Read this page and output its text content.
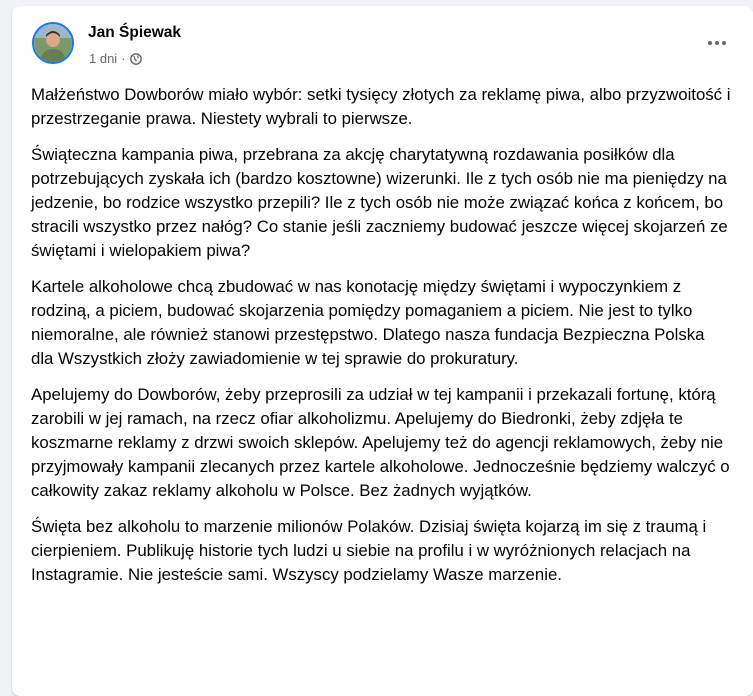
Jan Śpiewak
1 dni ·

Małżeństwo Dowborów miało wybór: setki tysięcy złotych za reklamę piwa, albo przyzwoitość i przestrzeganie prawa. Niestety wybrali to pierwsze.

Świąteczna kampania piwa, przebrana za akcję charytatywną rozdawania posiłków dla potrzebujących zyskała ich (bardzo kosztowne) wizerunki. Ile z tych osób nie ma pieniędzy na jedzenie, bo rodzice wszystko przepili? Ile z tych osób nie może związać końca z końcem, bo stracili wszystko przez nałóg? Co stanie jeśli zaczniemy budować jeszcze więcej skojarzeń ze świętami i wielopakiem piwa?

Kartele alkoholowe chcą zbudować w nas konotację między świętami i wypoczynkiem z rodziną, a piciem, budować skojarzenia pomiędzy pomaganiem a piciem. Nie jest to tylko niemoralne, ale również stanowi przestępstwo. Dlatego nasza fundacja Bezpieczna Polska dla Wszystkich złoży zawiadomienie w tej sprawie do prokuratury.

Apelujemy do Dowborów, żeby przeprosili za udział w tej kampanii i przekazali fortunę, którą zarobili w jej ramach, na rzecz ofiar alkoholizmu. Apelujemy do Biedronki, żeby zdjęła te koszmarne reklamy z drzwi swoich sklepów. Apelujemy też do agencji reklamowych, żeby nie przyjmowały kampanii zlecanych przez kartele alkoholowe. Jednocześnie będziemy walczyć o całkowity zakaz reklamy alkoholu w Polsce. Bez żadnych wyjątków.

Święta bez alkoholu to marzenie milionów Polaków. Dzisiaj święta kojarzą im się z traumą i cierpieniem. Publikuję historie tych ludzi u siebie na profilu i w wyróżnionych relacjach na Instagramie. Nie jesteście sami. Wszyscy podzielamy Wasze marzenie.
